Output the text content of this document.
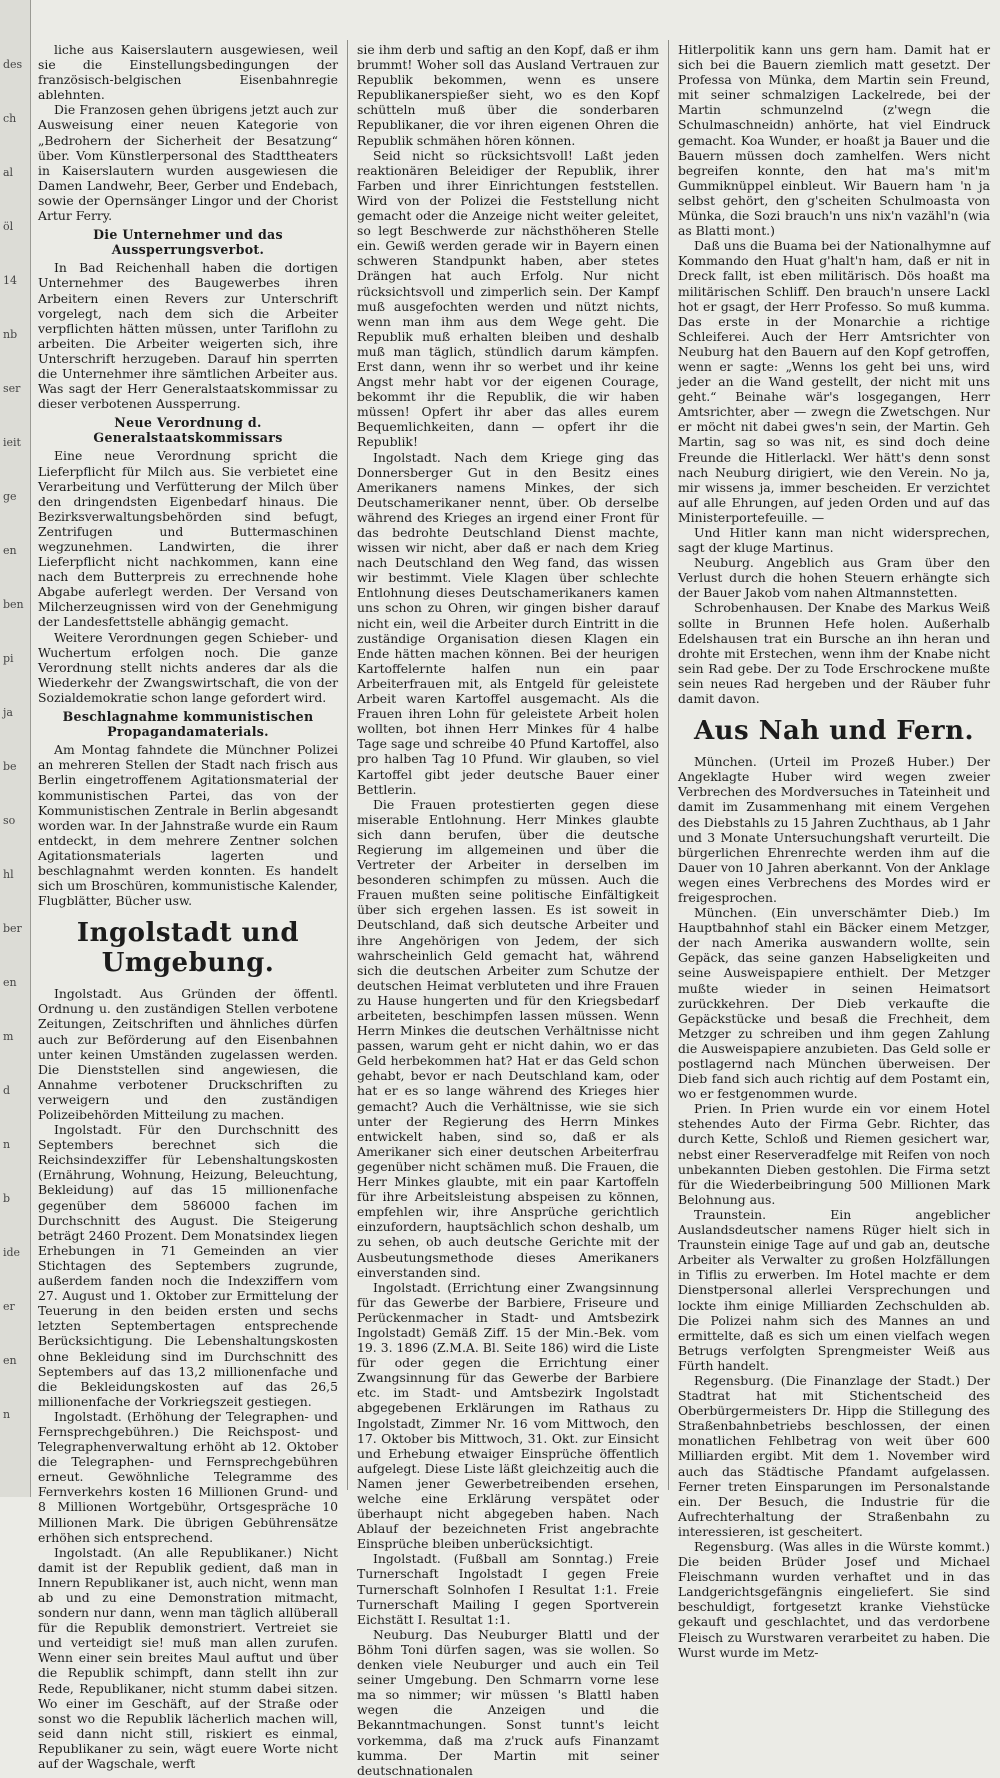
des
ch
al
öl
14
nb
ser
ieit
ge
en
ben
pi
ja
be
so
hl
ber
en
m
d
n
b
ide
er
en
n

liche aus Kaiserslautern ausgewiesen, weil sie die Einstellungsbedingungen der französisch-belgischen Eisenbahnregie ablehnten.

Die Franzosen gehen übrigens jetzt auch zur Ausweisung einer neuen Kategorie von „Bedrohern der Sicherheit der Besatzung“ über. Vom Künstlerpersonal des Stadttheaters in Kaiserslautern wurden ausgewiesen die Damen Landwehr, Beer, Gerber und Endebach, sowie der Opernsänger Lingor und der Chorist Artur Ferry.

Die Unternehmer und das Aussperrungsverbot.

In Bad Reichenhall haben die dortigen Unternehmer des Baugewerbes ihren Arbeitern einen Revers zur Unterschrift vorgelegt, nach dem sich die Arbeiter verpflichten hätten müssen, unter Tariflohn zu arbeiten. Die Arbeiter weigerten sich, ihre Unterschrift herzugeben. Darauf hin sperrten die Unternehmer ihre sämtlichen Arbeiter aus. Was sagt der Herr Generalstaatskommissar zu dieser verbotenen Aussperrung.

Neue Verordnung d. Generalstaatskommissars

Eine neue Verordnung spricht die Lieferpflicht für Milch aus. Sie verbietet eine Verarbeitung und Verfütterung der Milch über den dringendsten Eigenbedarf hinaus. Die Bezirksverwaltungsbehörden sind befugt, Zentrifugen und Buttermaschinen wegzunehmen. Landwirten, die ihrer Lieferpflicht nicht nachkommen, kann eine nach dem Butterpreis zu errechnende hohe Abgabe auferlegt werden. Der Versand von Milcherzeugnissen wird von der Genehmigung der Landesfettstelle abhängig gemacht.

Weitere Verordnungen gegen Schieber- und Wuchertum erfolgen noch. Die ganze Verordnung stellt nichts anderes dar als die Wiederkehr der Zwangswirtschaft, die von der Sozialdemokratie schon lange gefordert wird.

Beschlagnahme kommunistischen Propagandamaterials.

Am Montag fahndete die Münchner Polizei an mehreren Stellen der Stadt nach frisch aus Berlin eingetroffenem Agitationsmaterial der kommunistischen Partei, das von der Kommunistischen Zentrale in Berlin abgesandt worden war. In der Jahnstraße wurde ein Raum entdeckt, in dem mehrere Zentner solchen Agitationsmaterials lagerten und beschlagnahmt werden konnten. Es handelt sich um Broschüren, kommunistische Kalender, Flugblätter, Bücher usw.

Ingolstadt und Umgebung.

Ingolstadt. Aus Gründen der öffentl. Ordnung u. den zuständigen Stellen verbotene Zeitungen, Zeitschriften und ähnliches dürfen auch zur Beförderung auf den Eisenbahnen unter keinen Umständen zugelassen werden. Die Dienststellen sind angewiesen, die Annahme verbotener Druckschriften zu verweigern und den zuständigen Polizeibehörden Mitteilung zu machen.

Ingolstadt. Für den Durchschnitt des Septembers berechnet sich die Reichsindexziffer für Lebenshaltungskosten (Ernährung, Wohnung, Heizung, Beleuchtung, Bekleidung) auf das 15 millionenfache gegenüber dem 586000 fachen im Durchschnitt des August. Die Steigerung beträgt 2460 Prozent. Dem Monatsindex liegen Erhebungen in 71 Gemeinden an vier Stichtagen des Septembers zugrunde, außerdem fanden noch die Indexziffern vom 27. August und 1. Oktober zur Ermittelung der Teuerung in den beiden ersten und sechs letzten Septembertagen entsprechende Berücksichtigung. Die Lebenshaltungskosten ohne Bekleidung sind im Durchschnitt des Septembers auf das 13,2 millionenfache und die Bekleidungskosten auf das 26,5 millionenfache der Vorkriegszeit gestiegen.

Ingolstadt. (Erhöhung der Telegraphen- und Fernsprechgebühren.) Die Reichspost- und Telegraphenverwaltung erhöht ab 12. Oktober die Telegraphen- und Fernsprechgebühren erneut. Gewöhnliche Telegramme des Fernverkehrs kosten 16 Millionen Grund- und 8 Millionen Wortgebühr, Ortsgespräche 10 Millionen Mark. Die übrigen Gebührensätze erhöhen sich entsprechend.

Ingolstadt. (An alle Republikaner.) Nicht damit ist der Republik gedient, daß man in Innern Republikaner ist, auch nicht, wenn man ab und zu eine Demonstration mitmacht, sondern nur dann, wenn man täglich allüberall für die Republik demonstriert. Vertreiet sie und verteidigt sie! muß man allen zurufen. Wenn einer sein breites Maul auftut und über die Republik schimpft, dann stellt ihn zur Rede, Republikaner, nicht stumm dabei sitzen. Wo einer im Geschäft, auf der Straße oder sonst wo die Republik lächerlich machen will, seid dann nicht still, riskiert es einmal, Republikaner zu sein, wägt euere Worte nicht auf der Wagschale, werft

sie ihm derb und saftig an den Kopf, daß er ihm brummt! Woher soll das Ausland Vertrauen zur Republik bekommen, wenn es unsere Republikanerspießer sieht, wo es den Kopf schütteln muß über die sonderbaren Republikaner, die vor ihren eigenen Ohren die Republik schmähen hören können.

Seid nicht so rücksichtsvoll! Laßt jeden reaktionären Beleidiger der Republik, ihrer Farben und ihrer Einrichtungen feststellen. Wird von der Polizei die Feststellung nicht gemacht oder die Anzeige nicht weiter geleitet, so legt Beschwerde zur nächsthöheren Stelle ein. Gewiß werden gerade wir in Bayern einen schweren Standpunkt haben, aber stetes Drängen hat auch Erfolg. Nur nicht rücksichtsvoll und zimperlich sein. Der Kampf muß ausgefochten werden und nützt nichts, wenn man ihm aus dem Wege geht. Die Republik muß erhalten bleiben und deshalb muß man täglich, stündlich darum kämpfen. Erst dann, wenn ihr so werbet und ihr keine Angst mehr habt vor der eigenen Courage, bekommt ihr die Republik, die wir haben müssen! Opfert ihr aber das alles eurem Bequemlichkeiten, dann — opfert ihr die Republik!

Ingolstadt. Nach dem Kriege ging das Donnersberger Gut in den Besitz eines Amerikaners namens Minkes, der sich Deutschamerikaner nennt, über. Ob derselbe während des Krieges an irgend einer Front für das bedrohte Deutschland Dienst machte, wissen wir nicht, aber daß er nach dem Krieg nach Deutschland den Weg fand, das wissen wir bestimmt. Viele Klagen über schlechte Entlohnung dieses Deutschamerikaners kamen uns schon zu Ohren, wir gingen bisher darauf nicht ein, weil die Arbeiter durch Eintritt in die zuständige Organisation diesen Klagen ein Ende hätten machen können. Bei der heurigen Kartoffelernte halfen nun ein paar Arbeiterfrauen mit, als Entgeld für geleistete Arbeit waren Kartoffel ausgemacht. Als die Frauen ihren Lohn für geleistete Arbeit holen wollten, bot ihnen Herr Minkes für 4 halbe Tage sage und schreibe 40 Pfund Kartoffel, also pro halben Tag 10 Pfund. Wir glauben, so viel Kartoffel gibt jeder deutsche Bauer einer Bettlerin.

Die Frauen protestierten gegen diese miserable Entlohnung. Herr Minkes glaubte sich dann berufen, über die deutsche Regierung im allgemeinen und über die Vertreter der Arbeiter in derselben im besonderen schimpfen zu müssen. Auch die Frauen mußten seine politische Einfältigkeit über sich ergehen lassen. Es ist soweit in Deutschland, daß sich deutsche Arbeiter und ihre Angehörigen von Jedem, der sich wahrscheinlich Geld gemacht hat, während sich die deutschen Arbeiter zum Schutze der deutschen Heimat verbluteten und ihre Frauen zu Hause hungerten und für den Kriegsbedarf arbeiteten, beschimpfen lassen müssen. Wenn Herrn Minkes die deutschen Verhältnisse nicht passen, warum geht er nicht dahin, wo er das Geld herbekommen hat? Hat er das Geld schon gehabt, bevor er nach Deutschland kam, oder hat er es so lange während des Krieges hier gemacht? Auch die Verhältnisse, wie sie sich unter der Regierung des Herrn Minkes entwickelt haben, sind so, daß er als Amerikaner sich einer deutschen Arbeiterfrau gegenüber nicht schämen muß. Die Frauen, die Herr Minkes glaubte, mit ein paar Kartoffeln für ihre Arbeitsleistung abspeisen zu können, empfehlen wir, ihre Ansprüche gerichtlich einzufordern, hauptsächlich schon deshalb, um zu sehen, ob auch deutsche Gerichte mit der Ausbeutungsmethode dieses Amerikaners einverstanden sind.

Ingolstadt. (Errichtung einer Zwangsinnung für das Gewerbe der Barbiere, Friseure und Perückenmacher in Stadt- und Amtsbezirk Ingolstadt) Gemäß Ziff. 15 der Min.-Bek. vom 19. 3. 1896 (Z.M.A. Bl. Seite 186) wird die Liste für oder gegen die Errichtung einer Zwangsinnung für das Gewerbe der Barbiere etc. im Stadt- und Amtsbezirk Ingolstadt abgegebenen Erklärungen im Rathaus zu Ingolstadt, Zimmer Nr. 16 vom Mittwoch, den 17. Oktober bis Mittwoch, 31. Okt. zur Einsicht und Erhebung etwaiger Einsprüche öffentlich aufgelegt. Diese Liste läßt gleichzeitig auch die Namen jener Gewerbetreibenden ersehen, welche eine Erklärung verspätet oder überhaupt nicht abgegeben haben. Nach Ablauf der bezeichneten Frist angebrachte Einsprüche bleiben unberücksichtigt.

Ingolstadt. (Fußball am Sonntag.) Freie Turnerschaft Ingolstadt I gegen Freie Turnerschaft Solnhofen I Resultat 1:1. Freie Turnerschaft Mailing I gegen Sportverein Eichstätt I. Resultat 1:1.

Neuburg. Das Neuburger Blattl und der Böhm Toni dürfen sagen, was sie wollen. So denken viele Neuburger und auch ein Teil seiner Umgebung. Den Schmarrn vorne lese ma so nimmer; wir müssen 's Blattl haben wegen die Anzeigen und die Bekanntmachungen. Sonst tunnt's leicht vorkemma, daß ma z'ruck aufs Finanzamt kumma. Der Martin mit seiner deutschnationalen

Hitlerpolitik kann uns gern ham. Damit hat er sich bei die Bauern ziemlich matt gesetzt. Der Professa von Münka, dem Martin sein Freund, mit seiner schmalzigen Lackelrede, bei der Martin schmunzelnd (z'wegn die Schulmaschneidn) anhörte, hat viel Eindruck gemacht. Koa Wunder, er hoaßt ja Bauer und die Bauern müssen doch zamhelfen. Wers nicht begreifen konnte, den hat ma's mit'm Gummiknüppel einbleut. Wir Bauern ham 'n ja selbst gehört, den g'scheiten Schulmoasta von Münka, die Sozi brauch'n uns nix'n vazähl'n (wia as Blatti mont.)

Daß uns die Buama bei der Nationalhymne auf Kommando den Huat g'halt'n ham, daß er nit in Dreck fallt, ist eben militärisch. Dös hoaßt ma militärischen Schliff. Den brauch'n unsere Lackl hot er gsagt, der Herr Professo. So muß kumma. Das erste in der Monarchie a richtige Schleiferei. Auch der Herr Amtsrichter von Neuburg hat den Bauern auf den Kopf getroffen, wenn er sagte: „Wenns los geht bei uns, wird jeder an die Wand gestellt, der nicht mit uns geht.“ Beinahe wär's losgegangen, Herr Amtsrichter, aber — zwegn die Zwetschgen. Nur er möcht nit dabei gwes'n sein, der Martin. Geh Martin, sag so was nit, es sind doch deine Freunde die Hitlerlackl. Wer hätt's denn sonst nach Neuburg dirigiert, wie den Verein. No ja, mir wissens ja, immer bescheiden. Er verzichtet auf alle Ehrungen, auf jeden Orden und auf das Ministerportefeuille. —

Und Hitler kann man nicht widersprechen, sagt der kluge Martinus.

Neuburg. Angeblich aus Gram über den Verlust durch die hohen Steuern erhängte sich der Bauer Jakob vom nahen Altmannstetten.

Schrobenhausen. Der Knabe des Markus Weiß sollte in Brunnen Hefe holen. Außerhalb Edelshausen trat ein Bursche an ihn heran und drohte mit Erstechen, wenn ihm der Knabe nicht sein Rad gebe. Der zu Tode Erschrockene mußte sein neues Rad hergeben und der Räuber fuhr damit davon.

Aus Nah und Fern.

München. (Urteil im Prozeß Huber.) Der Angeklagte Huber wird wegen zweier Verbrechen des Mordversuches in Tateinheit und damit im Zusammenhang mit einem Vergehen des Diebstahls zu 15 Jahren Zuchthaus, ab 1 Jahr und 3 Monate Untersuchungshaft verurteilt. Die bürgerlichen Ehrenrechte werden ihm auf die Dauer von 10 Jahren aberkannt. Von der Anklage wegen eines Verbrechens des Mordes wird er freigesprochen.

München. (Ein unverschämter Dieb.) Im Hauptbahnhof stahl ein Bäcker einem Metzger, der nach Amerika auswandern wollte, sein Gepäck, das seine ganzen Habseligkeiten und seine Ausweispapiere enthielt. Der Metzger mußte wieder in seinen Heimatsort zurückkehren. Der Dieb verkaufte die Gepäckstücke und besaß die Frechheit, dem Metzger zu schreiben und ihm gegen Zahlung die Ausweispapiere anzubieten. Das Geld solle er postlagernd nach München überweisen. Der Dieb fand sich auch richtig auf dem Postamt ein, wo er festgenommen wurde.

Prien. In Prien wurde ein vor einem Hotel stehendes Auto der Firma Gebr. Richter, das durch Kette, Schloß und Riemen gesichert war, nebst einer Reserveradfelge mit Reifen von noch unbekannten Dieben gestohlen. Die Firma setzt für die Wiederbeibringung 500 Millionen Mark Belohnung aus.

Traunstein. Ein angeblicher Auslandsdeutscher namens Rüger hielt sich in Traunstein einige Tage auf und gab an, deutsche Arbeiter als Verwalter zu großen Holzfällungen in Tiflis zu erwerben. Im Hotel machte er dem Dienstpersonal allerlei Versprechungen und lockte ihm einige Milliarden Zechschulden ab. Die Polizei nahm sich des Mannes an und ermittelte, daß es sich um einen vielfach wegen Betrugs verfolgten Sprengmeister Weiß aus Fürth handelt.

Regensburg. (Die Finanzlage der Stadt.) Der Stadtrat hat mit Stichentscheid des Oberbürgermeisters Dr. Hipp die Stillegung des Straßenbahnbetriebs beschlossen, der einen monatlichen Fehlbetrag von weit über 600 Milliarden ergibt. Mit dem 1. November wird auch das Städtische Pfandamt aufgelassen. Ferner treten Einsparungen im Personalstande ein. Der Besuch, die Industrie für die Aufrechterhaltung der Straßenbahn zu interessieren, ist gescheitert.

Regensburg. (Was alles in die Würste kommt.) Die beiden Brüder Josef und Michael Fleischmann wurden verhaftet und in das Landgerichtsgefängnis eingeliefert. Sie sind beschuldigt, fortgesetzt kranke Viehstücke gekauft und geschlachtet, und das verdorbene Fleisch zu Wurstwaren verarbeitet zu haben. Die Wurst wurde im Metz-
